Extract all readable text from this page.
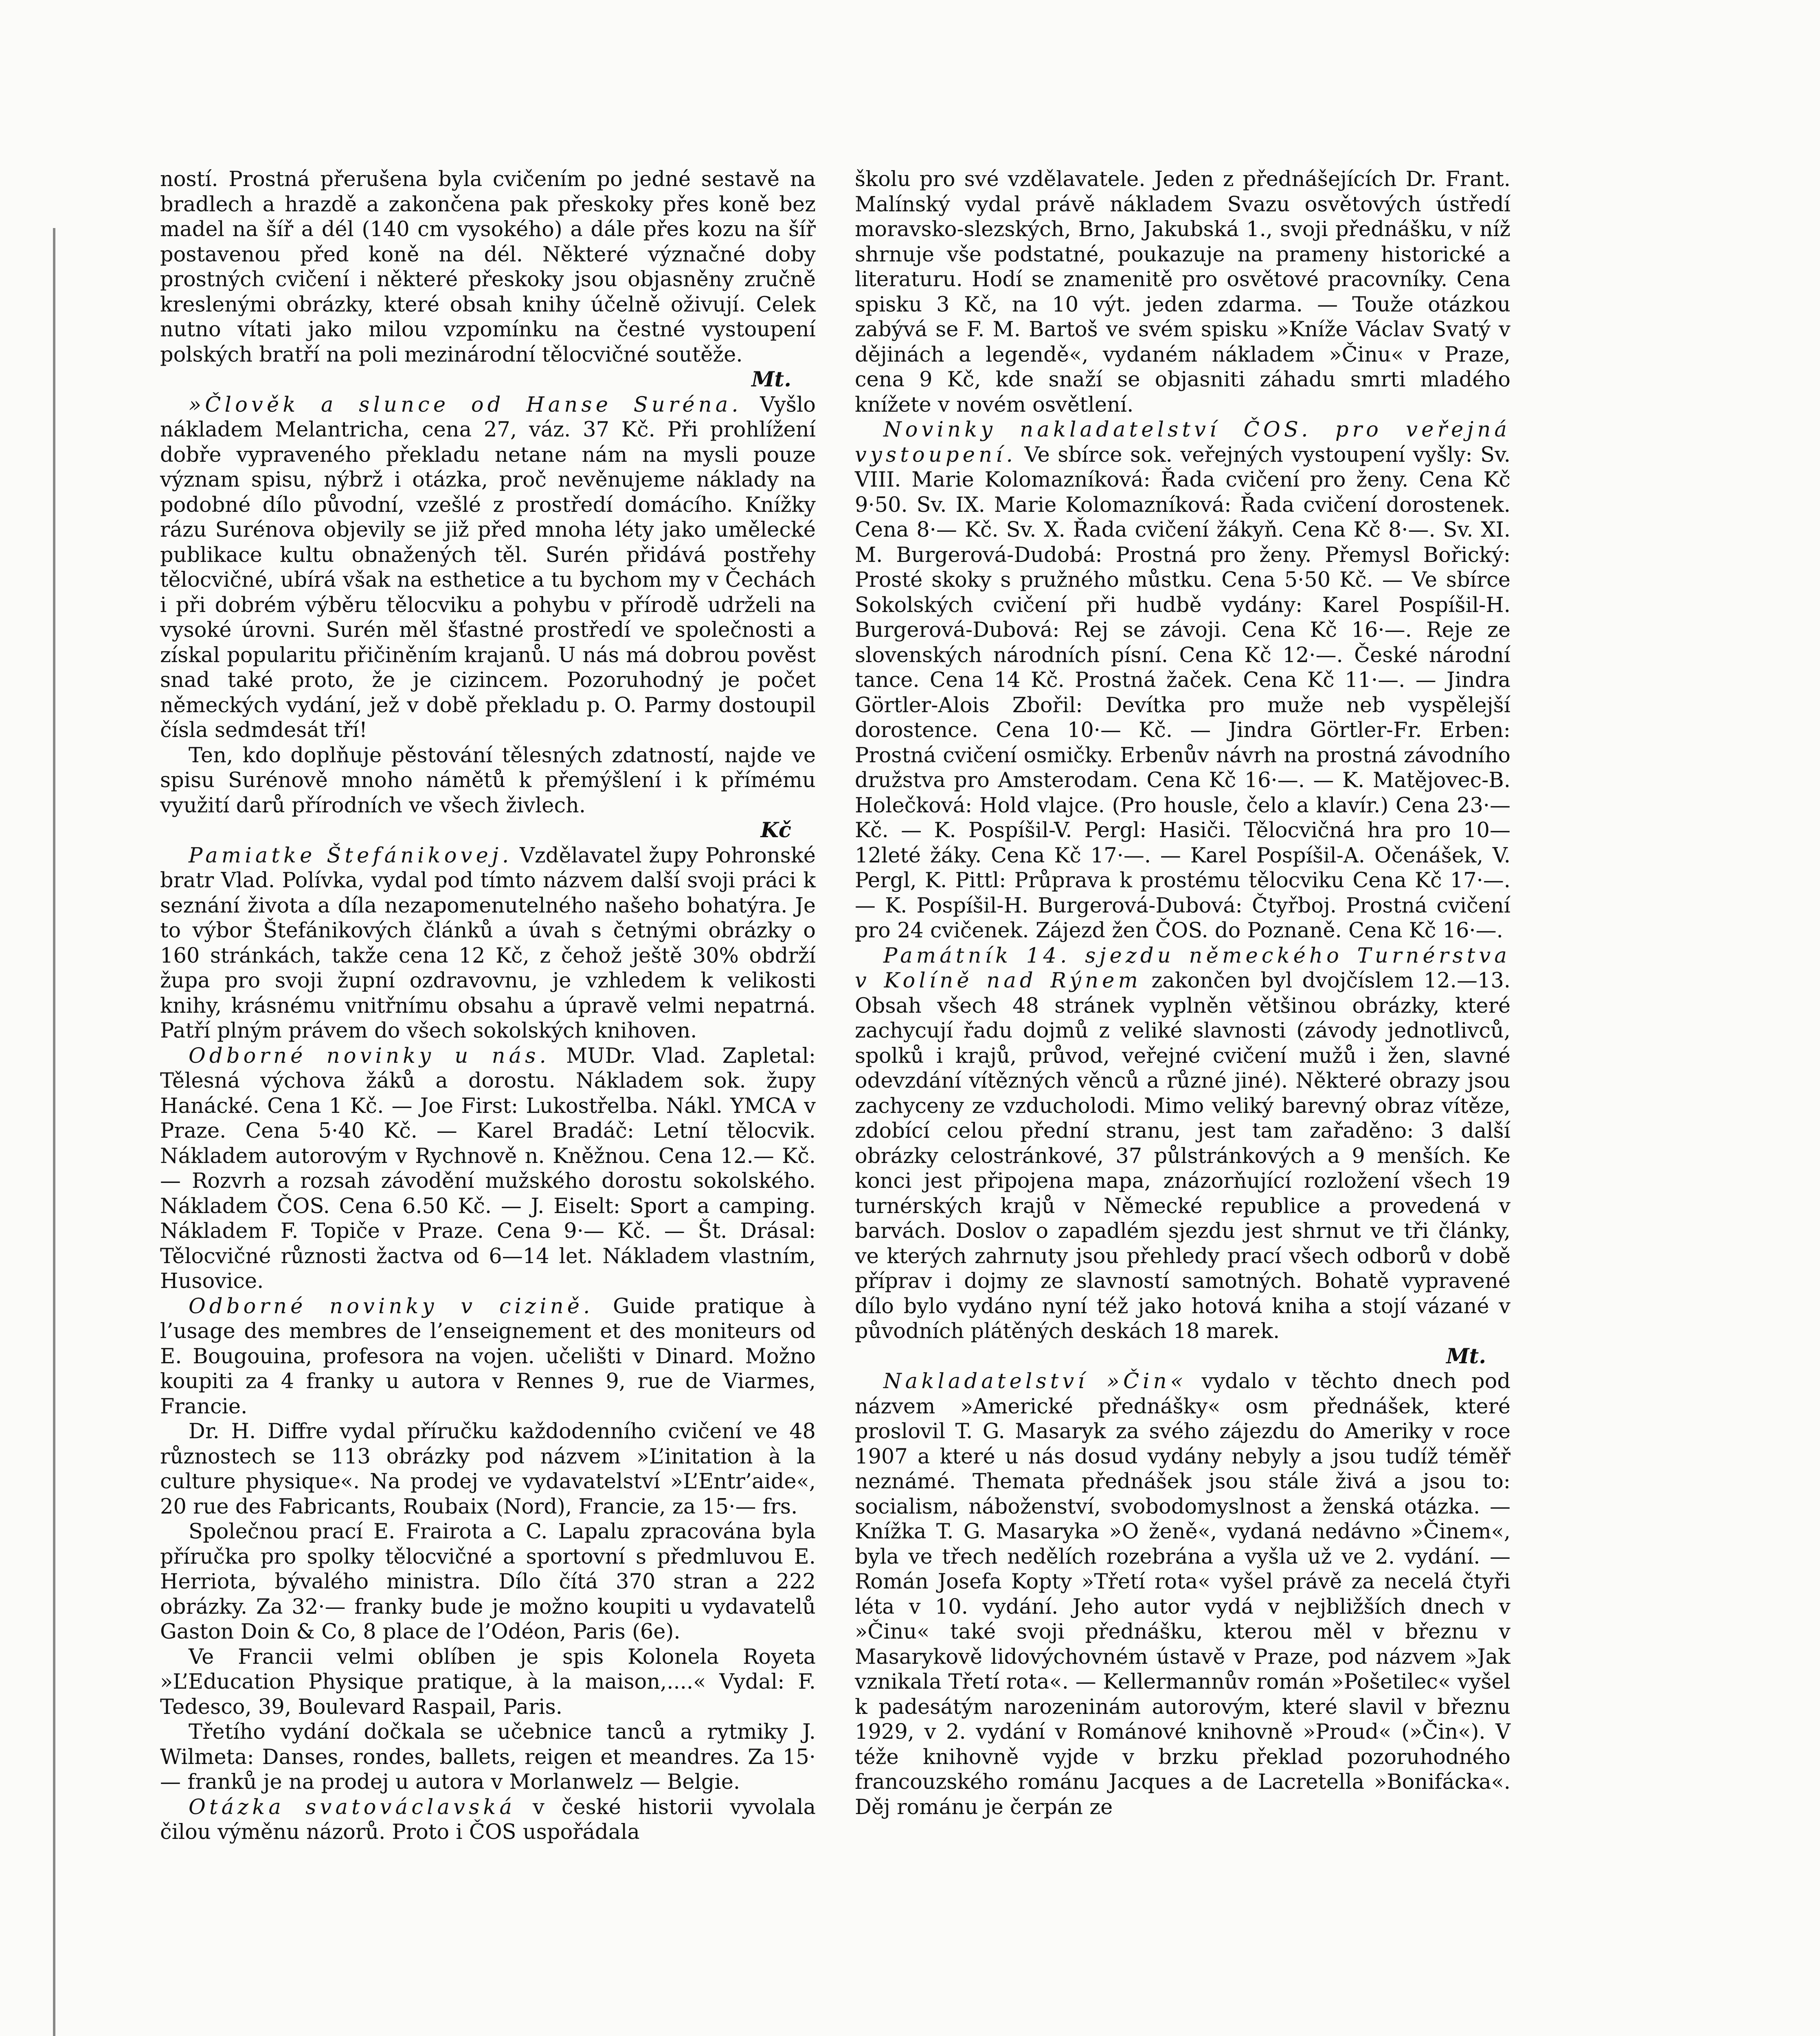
ností. Prostná přerušena byla cvičením po jedné sestavě na bradlech a hrazdě a zakončena pak přeskoky přes koně bez madel na šíř a dél (140 cm vysokého) a dále přes kozu na šíř postavenou před koně na dél. Některé význačné doby prostných cvičení i některé přeskoky jsou objasněny zručně kreslenými obrázky, které obsah knihy účelně oživují. Celek nutno vítati jako milou vzpomínku na čestné vystoupení polských bratří na poli mezinárodní tělocvičné soutěže.

Mt.

»Člověk a slunce od Hanse Suréna. Vyšlo nákladem Melantricha, cena 27, váz. 37 Kč. Při prohlížení dobře vypraveného překladu netane nám na mysli pouze význam spisu, nýbrž i otázka, proč nevěnujeme náklady na podobné dílo původní, vzešlé z prostředí domácího. Knížky rázu Surénova objevily se již před mnoha léty jako umělecké publikace kultu obnažených těl. Surén přidává postřehy tělocvičné, ubírá však na esthetice a tu bychom my v Čechách i při dobrém výběru tělocviku a pohybu v přírodě udrželi na vysoké úrovni. Surén měl šťastné prostředí ve společnosti a získal popularitu přičiněním krajanů. U nás má dobrou pověst snad také proto, že je cizincem. Pozoruhodný je počet německých vydání, jež v době překladu p. O. Parmy dostoupil čísla sedmdesát tří!

Ten, kdo doplňuje pěstování tělesných zdatností, najde ve spisu Surénově mnoho námětů k přemýšlení i k přímému využití darů přírodních ve všech živlech.

Kč

Pamiatke Štefánikovej. Vzdělavatel župy Pohronské bratr Vlad. Polívka, vydal pod tímto názvem další svoji práci k seznání života a díla nezapomenutelného našeho bohatýra. Je to výbor Štefánikových článků a úvah s četnými obrázky o 160 stránkách, takže cena 12 Kč, z čehož ještě 30% obdrží župa pro svoji župní ozdravovnu, je vzhledem k velikosti knihy, krásnému vnitřnímu obsahu a úpravě velmi nepatrná. Patří plným právem do všech sokolských knihoven.

Odborné novinky u nás. MUDr. Vlad. Zapletal: Tělesná výchova žáků a dorostu. Nákladem sok. župy Hanácké. Cena 1 Kč. — Joe First: Lukostřelba. Nákl. YMCA v Praze. Cena 5·40 Kč. — Karel Bradáč: Letní tělocvik. Nákladem autorovým v Rychnově n. Kněžnou. Cena 12.— Kč. — Rozvrh a rozsah závodění mužského dorostu sokolského. Nákladem ČOS. Cena 6.50 Kč. — J. Eiselt: Sport a camping. Nákladem F. Topiče v Praze. Cena 9·— Kč. — Št. Drásal: Tělocvičné různosti žactva od 6—14 let. Nákladem vlastním, Husovice.

Odborné novinky v cizině. Guide pratique à l’usage des membres de l’enseignement et des moniteurs od E. Bougouina, profesora na vojen. učelišti v Dinard. Možno koupiti za 4 franky u autora v Rennes 9, rue de Viarmes, Francie.

Dr. H. Diffre vydal příručku každodenního cvičení ve 48 různostech se 113 obrázky pod názvem »L’initation à la culture physique«. Na prodej ve vydavatelství »L’Entr’aide«, 20 rue des Fabricants, Roubaix (Nord), Francie, za 15·— frs.

Společnou prací E. Frairota a C. Lapalu zpracována byla příručka pro spolky tělocvičné a sportovní s předmluvou E. Herriota, bývalého ministra. Dílo čítá 370 stran a 222 obrázky. Za 32·— franky bude je možno koupiti u vydavatelů Gaston Doin & Co, 8 place de l’Odéon, Paris (6e).

Ve Francii velmi oblíben je spis Kolonela Royeta »L’Education Physique pratique, à la maison,....« Vydal: F. Tedesco, 39, Boulevard Raspail, Paris.

Třetího vydání dočkala se učebnice tanců a rytmiky J. Wilmeta: Danses, rondes, ballets, reigen et meandres. Za 15·— franků je na prodej u autora v Morlanwelz — Belgie.

Otázka svatováclavská v české historii vyvolala čilou výměnu názorů. Proto i ČOS uspořádala

školu pro své vzdělavatele. Jeden z přednášejících Dr. Frant. Malínský vydal právě nákladem Svazu osvětových ústředí moravsko-slezských, Brno, Jakubská 1., svoji přednášku, v níž shrnuje vše podstatné, poukazuje na prameny historické a literaturu. Hodí se znamenitě pro osvětové pracovníky. Cena spisku 3 Kč, na 10 výt. jeden zdarma. — Touže otázkou zabývá se F. M. Bartoš ve svém spisku »Kníže Václav Svatý v dějinách a legendě«, vydaném nákladem »Činu« v Praze, cena 9 Kč, kde snaží se objasniti záhadu smrti mladého knížete v novém osvětlení.

Novinky nakladatelství ČOS. pro veřejná vystoupení. Ve sbírce sok. veřejných vystoupení vyšly: Sv. VIII. Marie Kolomazníková: Řada cvičení pro ženy. Cena Kč 9·50. Sv. IX. Marie Kolomazníková: Řada cvičení dorostenek. Cena 8·— Kč. Sv. X. Řada cvičení žákyň. Cena Kč 8·—. Sv. XI. M. Burgerová-Dudobá: Prostná pro ženy. Přemysl Bořický: Prosté skoky s pružného můstku. Cena 5·50 Kč. — Ve sbírce Sokolských cvičení při hudbě vydány: Karel Pospíšil-H. Burgerová-Dubová: Rej se závoji. Cena Kč 16·—. Reje ze slovenských národních písní. Cena Kč 12·—. České národní tance. Cena 14 Kč. Prostná žaček. Cena Kč 11·—. — Jindra Görtler-Alois Zbořil: Devítka pro muže neb vyspělejší dorostence. Cena 10·— Kč. — Jindra Görtler-Fr. Erben: Prostná cvičení osmičky. Erbenův návrh na prostná závodního družstva pro Amsterodam. Cena Kč 16·—. — K. Matějovec-B. Holečková: Hold vlajce. (Pro housle, čelo a klavír.) Cena 23·— Kč. — K. Pospíšil-V. Pergl: Hasiči. Tělocvičná hra pro 10—12leté žáky. Cena Kč 17·—. — Karel Pospíšil-A. Očenášek, V. Pergl, K. Pittl: Průprava k prostému tělocviku Cena Kč 17·—. — K. Pospíšil-H. Burgerová-Dubová: Čtyřboj. Prostná cvičení pro 24 cvičenek. Zájezd žen ČOS. do Poznaně. Cena Kč 16·—.

Památník 14. sjezdu německého Turnérstva v Kolíně nad Rýnem zakončen byl dvojčíslem 12.—13. Obsah všech 48 stránek vyplněn většinou obrázky, které zachycují řadu dojmů z veliké slavnosti (závody jednotlivců, spolků i krajů, průvod, veřejné cvičení mužů i žen, slavné odevzdání vítězných věnců a různé jiné). Některé obrazy jsou zachyceny ze vzducholodi. Mimo veliký barevný obraz vítěze, zdobící celou přední stranu, jest tam zařaděno: 3 další obrázky celostránkové, 37 půlstránkových a 9 menších. Ke konci jest připojena mapa, znázorňující rozložení všech 19 turnérských krajů v Německé republice a provedená v barvách. Doslov o zapadlém sjezdu jest shrnut ve tři články, ve kterých zahrnuty jsou přehledy prací všech odborů v době příprav i dojmy ze slavností samotných. Bohatě vypravené dílo bylo vydáno nyní též jako hotová kniha a stojí vázané v původních plátěných deskách 18 marek.

Mt.

Nakladatelství »Čin« vydalo v těchto dnech pod názvem »Americké přednášky« osm přednášek, které proslovil T. G. Masaryk za svého zájezdu do Ameriky v roce 1907 a které u nás dosud vydány nebyly a jsou tudíž téměř neznámé. Themata přednášek jsou stále živá a jsou to: socialism, náboženství, svobodomyslnost a ženská otázka. — Knížka T. G. Masaryka »O ženě«, vydaná nedávno »Činem«, byla ve třech nedělích rozebrána a vyšla už ve 2. vydání. — Román Josefa Kopty »Třetí rota« vyšel právě za necelá čtyři léta v 10. vydání. Jeho autor vydá v nejbližších dnech v »Činu« také svoji přednášku, kterou měl v březnu v Masarykově lidovýchovném ústavě v Praze, pod názvem »Jak vznikala Třetí rota«. — Kellermannův román »Pošetilec« vyšel k padesátým narozeninám autorovým, které slavil v březnu 1929, v 2. vydání v Románové knihovně »Proud« (»Čin«). V téže knihovně vyjde v brzku překlad pozoruhodného francouzského románu Jacques a de Lacretella »Bonifácka«. Děj románu je čerpán ze
